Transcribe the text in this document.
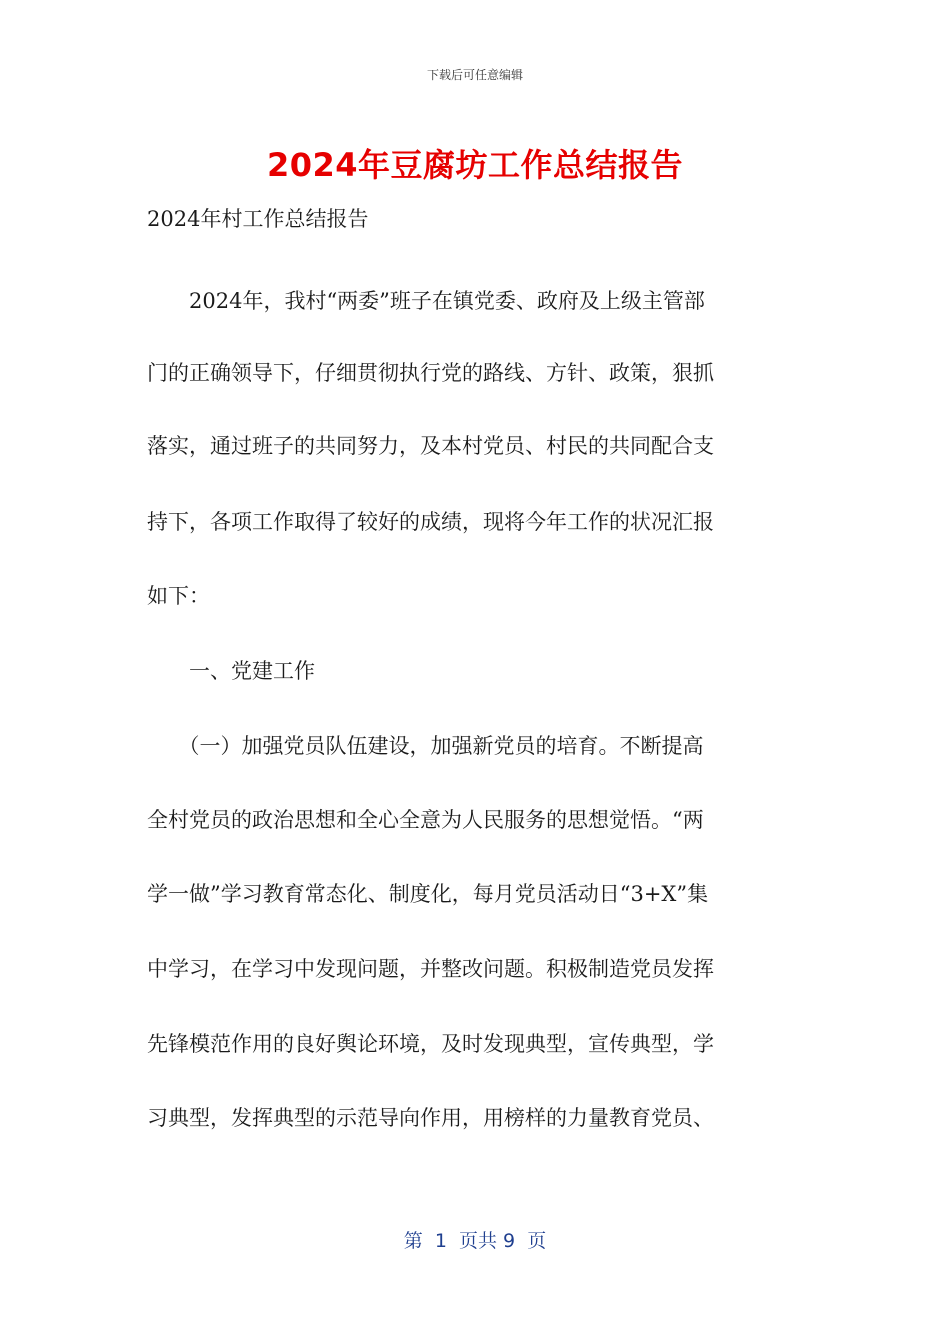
下载后可任意编辑
2024年豆腐坊工作总结报告
2024年村工作总结报告
　　2024年，我村“两委”班子在镇党委、政府及上级主管部
门的正确领导下，仔细贯彻执行党的路线、方针、政策，狠抓
落实，通过班子的共同努力，及本村党员、村民的共同配合支
持下，各项工作取得了较好的成绩，现将今年工作的状况汇报
如下：
　　一、党建工作
　　（一）加强党员队伍建设，加强新党员的培育。不断提高
全村党员的政治思想和全心全意为人民服务的思想觉悟。“两
学一做”学习教育常态化、制度化，每月党员活动日“3+X”集
中学习，在学习中发现问题，并整改问题。积极制造党员发挥
先锋模范作用的良好舆论环境，及时发现典型，宣传典型，学
习典型，发挥典型的示范导向作用，用榜样的力量教育党员、
第  1  页共 9  页
